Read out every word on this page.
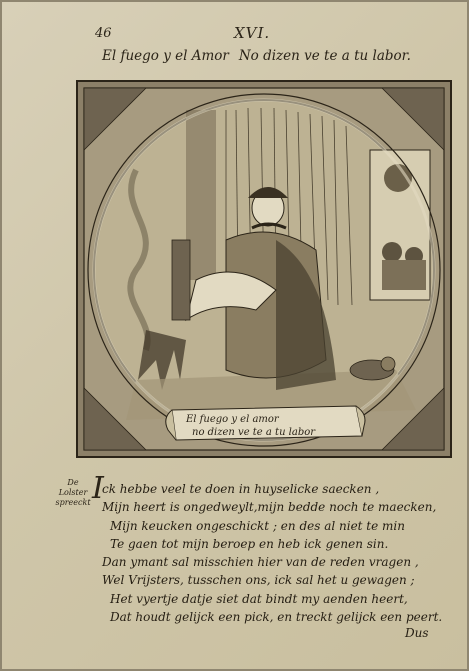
46	XVI.
El fuego y el Amor No dizen ve te a tu labor.
El fuego y el amor
no dizen ve te a tu labor
De
Lolster
spreeckt I
ck hebbe veel te doen in huyselicke saecken ,
Mijn heert is ongedweylt,mijn bedde noch te maecken,
Mijn keucken ongeschickt ; en des al niet te min
Te gaen tot mijn beroep en heb ick genen sin.
Dan ymant sal misschien hier van de reden vragen ,
Wel Vrijsters, tusschen ons, ick sal het u gewagen ;
Het vyertje datje siet dat bindt my aenden heert,
Dat houdt gelijck een pick, en treckt gelijck een peert.
Dus
